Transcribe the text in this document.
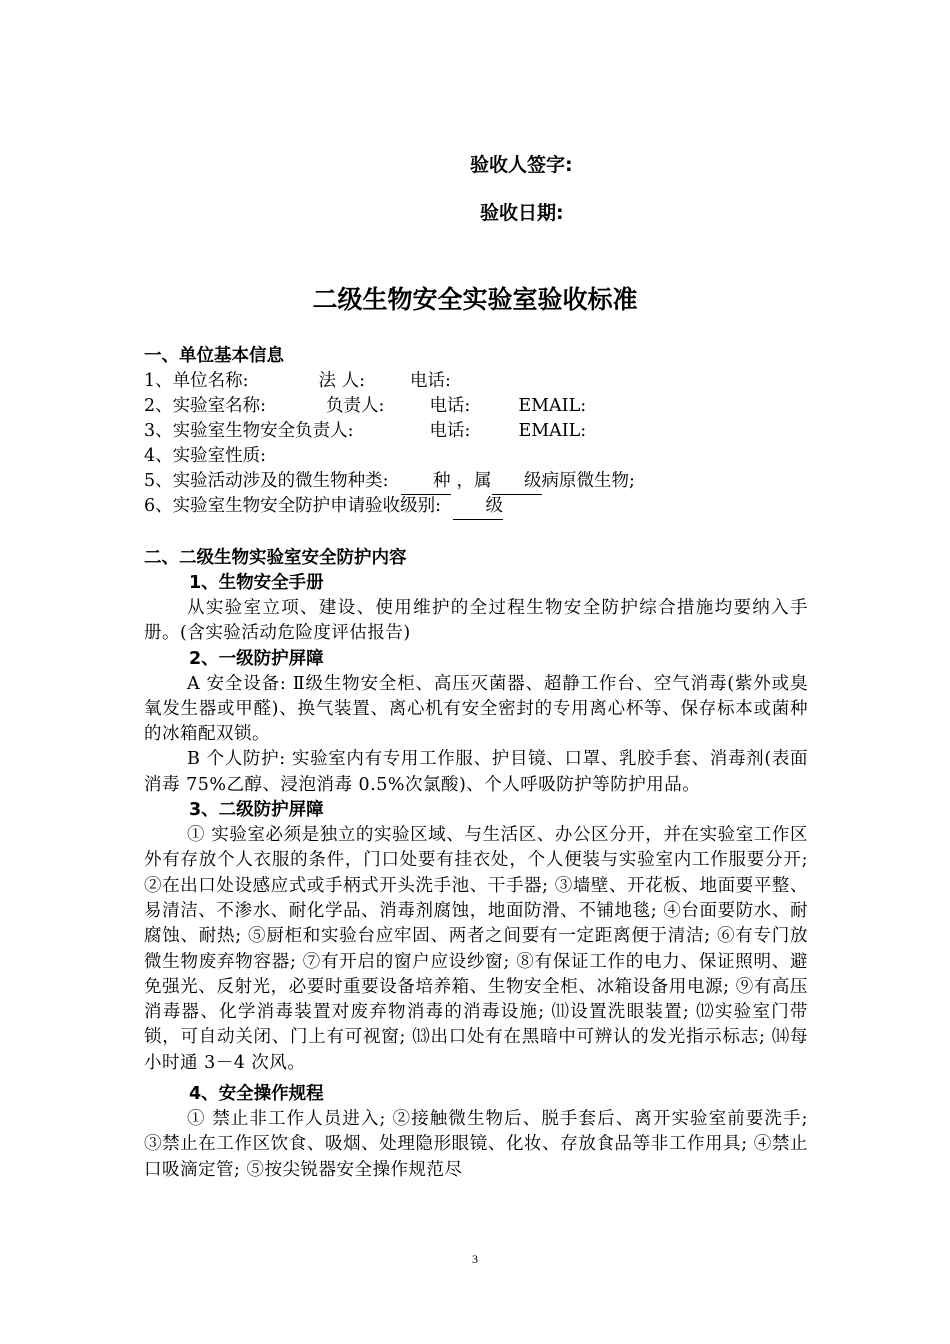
验收人签字:
验收日期:
二级生物安全实验室验收标准
一、单位基本信息
1、单位名称:	法 人:	电话:
2、实验室名称:	负责人:	电话:	EMAIL:
3、实验室生物安全负责人:	电话:	EMAIL:
4、实验室性质:
5、实验活动涉及的微生物种类:	种 ，属 级病原微生物;
6、实验室生物安全防护申请验收级别:	级
二、二级生物实验室安全防护内容
1、生物安全手册
从实验室立项、建设、使用维护的全过程生物安全防护综合措施均要纳入手册。(含实验活动危险度评估报告)
2、一级防护屏障
A 安全设备: Ⅱ级生物安全柜、高压灭菌器、超静工作台、空气消毒(紫外或臭氧发生器或甲醛)、换气装置、离心机有安全密封的专用离心杯等、保存标本或菌种的冰箱配双锁。
B 个人防护: 实验室内有专用工作服、护目镜、口罩、乳胶手套、消毒剂(表面消毒 75%乙醇、浸泡消毒 0.5%次氯酸)、个人呼吸防护等防护用品。
3、二级防护屏障
① 实验室必须是独立的实验区域、与生活区、办公区分开，并在实验室工作区外有存放个人衣服的条件，门口处要有挂衣处，个人便装与实验室内工作服要分开; ②在出口处设感应式或手柄式开头洗手池、干手器; ③墙壁、开花板、地面要平整、易清洁、不渗水、耐化学品、消毒剂腐蚀，地面防滑、不铺地毯; ④台面要防水、耐腐蚀、耐热; ⑤厨柜和实验台应牢固、两者之间要有一定距离便于清洁; ⑥有专门放微生物废弃物容器; ⑦有开启的窗户应设纱窗; ⑧有保证工作的电力、保证照明、避免强光、反射光，必要时重要设备培养箱、生物安全柜、冰箱设备用电源; ⑨有高压消毒器、化学消毒装置对废弃物消毒的消毒设施; ⑾设置洗眼装置; ⑿实验室门带锁，可自动关闭、门上有可视窗; ⒀出口处有在黑暗中可辨认的发光指示标志; ⒁每小时通 3－4 次风。
4、安全操作规程
① 禁止非工作人员进入; ②接触微生物后、脱手套后、离开实验室前要洗手; ③禁止在工作区饮食、吸烟、处理隐形眼镜、化妆、存放食品等非工作用具; ④禁止口吸滴定管; ⑤按尖锐器安全操作规范尽
3
